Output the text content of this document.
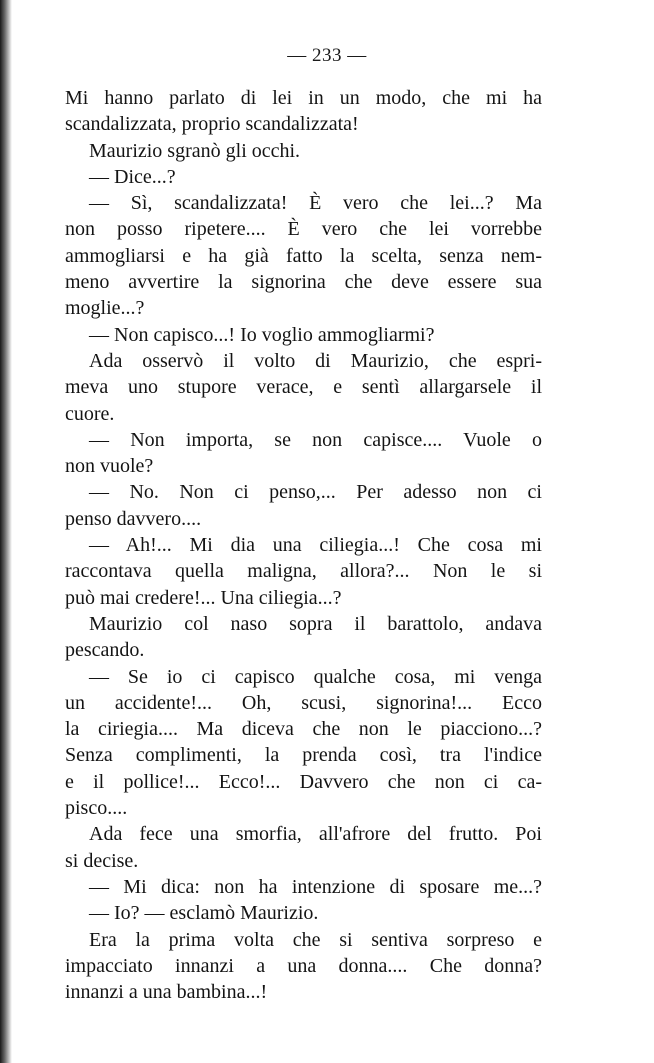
— 233 —
Mi hanno parlato di lei in un modo, che mi ha
scandalizzata, proprio scandalizzata!
Maurizio sgranò gli occhi.
— Dice...?
— Sì, scandalizzata! È vero che lei...? Ma
non posso ripetere.... È vero che lei vorrebbe
ammogliarsi e ha già fatto la scelta, senza nem-
meno avvertire la signorina che deve essere sua
moglie...?
— Non capisco...! Io voglio ammogliarmi?
Ada osservò il volto di Maurizio, che espri-
meva uno stupore verace, e sentì allargarsele il
cuore.
— Non importa, se non capisce.... Vuole o
non vuole?
— No. Non ci penso,... Per adesso non ci
penso davvero....
— Ah!... Mi dia una ciliegia...! Che cosa mi
raccontava quella maligna, allora?... Non le si
può mai credere!... Una ciliegia...?
Maurizio col naso sopra il barattolo, andava
pescando.
— Se io ci capisco qualche cosa, mi venga
un accidente!... Oh, scusi, signorina!... Ecco
la ciriegia.... Ma diceva che non le piacciono...?
Senza complimenti, la prenda così, tra l'indice
e il pollice!... Ecco!... Davvero che non ci ca-
pisco....
Ada fece una smorfia, all'afrore del frutto. Poi
si decise.
— Mi dica: non ha intenzione di sposare me...?
— Io? — esclamò Maurizio.
Era la prima volta che si sentiva sorpreso e
impacciato innanzi a una donna.... Che donna?
innanzi a una bambina...!
